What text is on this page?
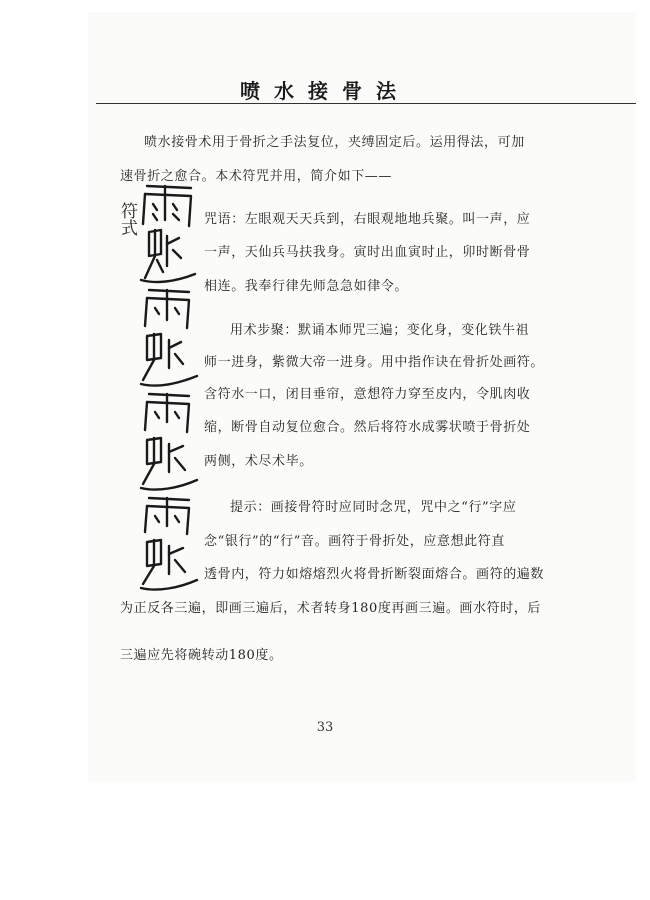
喷水接骨法
喷水接骨术用于骨折之手法复位，夹缚固定后。运用得法，可加
速骨折之愈合。本术符咒并用，简介如下——
符式	咒语：左眼观天天兵到，右眼观地地兵聚。叫一声，应
一声，天仙兵马扶我身。寅时出血寅时止，卯时断骨骨
相连。我奉行律先师急急如律令。
用术步聚：默诵本师咒三遍；变化身，变化铁牛祖
师一进身，紫微大帝一进身。用中指作诀在骨折处画符。
含符水一口，闭目垂帘，意想符力穿至皮内，令肌肉收
缩，断骨自动复位愈合。然后将符水成雾状喷于骨折处
两侧，术尽术毕。
提示：画接骨符时应同时念咒，咒中之“行”字应
念“银行”的“行”音。画符于骨折处，应意想此符直
透骨内，符力如熔熔烈火将骨折断裂面熔合。画符的遍数
为正反各三遍，即画三遍后，术者转身180度再画三遍。画水符时，后
三遍应先将碗转动180度。
33
